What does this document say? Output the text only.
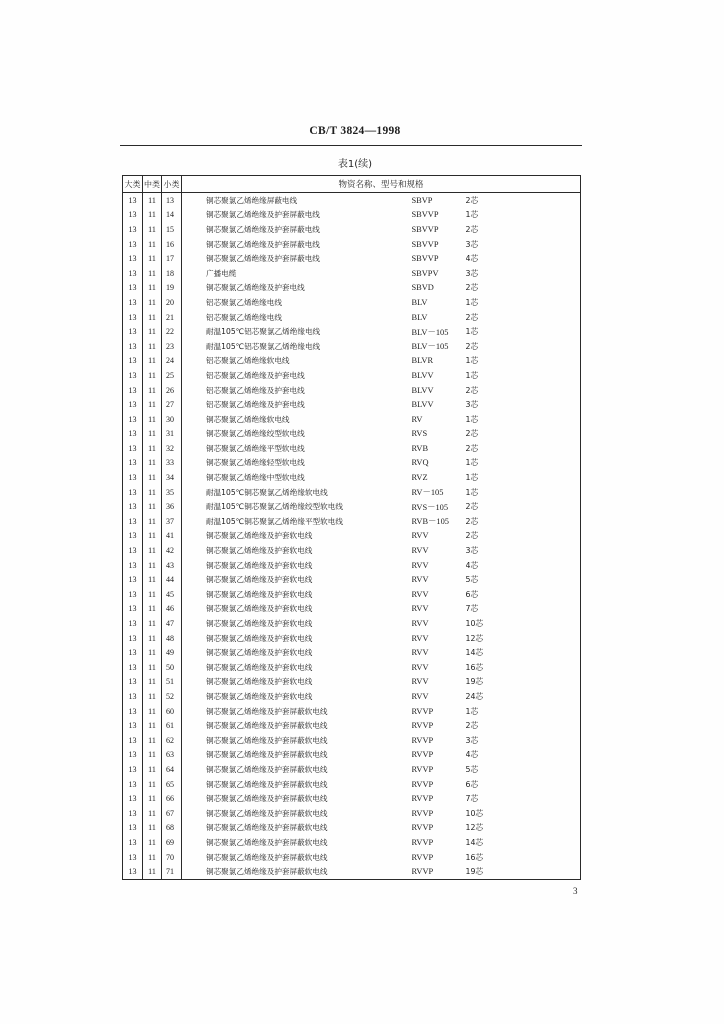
CB/T 3824—1998
表1(续)
大类	中类	小类	物资名称、型号和规格		
13	11	13	铜芯聚氯乙烯绝缘屏蔽电线	SBVP	2芯
13	11	14	铜芯聚氯乙烯绝缘及护套屏蔽电线	SBVVP	1芯
13	11	15	铜芯聚氯乙烯绝缘及护套屏蔽电线	SBVVP	2芯
13	11	16	铜芯聚氯乙烯绝缘及护套屏蔽电线	SBVVP	3芯
13	11	17	铜芯聚氯乙烯绝缘及护套屏蔽电线	SBVVP	4芯
13	11	18	广播电缆	SBVPV	3芯
13	11	19	铜芯聚氯乙烯绝缘及护套电线	SBVD	2芯
13	11	20	铝芯聚氯乙烯绝缘电线	BLV	1芯
13	11	21	铝芯聚氯乙烯绝缘电线	BLV	2芯
13	11	22	耐温105℃铝芯聚氯乙烯绝缘电线	BLV－105	1芯
13	11	23	耐温105℃铝芯聚氯乙烯绝缘电线	BLV－105	2芯
13	11	24	铝芯聚氯乙烯绝缘软电线	BLVR	1芯
13	11	25	铝芯聚氯乙烯绝缘及护套电线	BLVV	1芯
13	11	26	铝芯聚氯乙烯绝缘及护套电线	BLVV	2芯
13	11	27	铝芯聚氯乙烯绝缘及护套电线	BLVV	3芯
13	11	30	铜芯聚氯乙烯绝缘软电线	RV	1芯
13	11	31	铜芯聚氯乙烯绝缘绞型软电线	RVS	2芯
13	11	32	铜芯聚氯乙烯绝缘平型软电线	RVB	2芯
13	11	33	铜芯聚氯乙烯绝缘轻型软电线	RVQ	1芯
13	11	34	铜芯聚氯乙烯绝缘中型软电线	RVZ	1芯
13	11	35	耐温105℃铜芯聚氯乙烯绝缘软电线	RV－105	1芯
13	11	36	耐温105℃铜芯聚氯乙烯绝缘绞型软电线	RVS－105	2芯
13	11	37	耐温105℃铜芯聚氯乙烯绝缘平型软电线	RVB－105	2芯
13	11	41	铜芯聚氯乙烯绝缘及护套软电线	RVV	2芯
13	11	42	铜芯聚氯乙烯绝缘及护套软电线	RVV	3芯
13	11	43	铜芯聚氯乙烯绝缘及护套软电线	RVV	4芯
13	11	44	铜芯聚氯乙烯绝缘及护套软电线	RVV	5芯
13	11	45	铜芯聚氯乙烯绝缘及护套软电线	RVV	6芯
13	11	46	铜芯聚氯乙烯绝缘及护套软电线	RVV	7芯
13	11	47	铜芯聚氯乙烯绝缘及护套软电线	RVV	10芯
13	11	48	铜芯聚氯乙烯绝缘及护套软电线	RVV	12芯
13	11	49	铜芯聚氯乙烯绝缘及护套软电线	RVV	14芯
13	11	50	铜芯聚氯乙烯绝缘及护套软电线	RVV	16芯
13	11	51	铜芯聚氯乙烯绝缘及护套软电线	RVV	19芯
13	11	52	铜芯聚氯乙烯绝缘及护套软电线	RVV	24芯
13	11	60	铜芯聚氯乙烯绝缘及护套屏蔽软电线	RVVP	1芯
13	11	61	铜芯聚氯乙烯绝缘及护套屏蔽软电线	RVVP	2芯
13	11	62	铜芯聚氯乙烯绝缘及护套屏蔽软电线	RVVP	3芯
13	11	63	铜芯聚氯乙烯绝缘及护套屏蔽软电线	RVVP	4芯
13	11	64	铜芯聚氯乙烯绝缘及护套屏蔽软电线	RVVP	5芯
13	11	65	铜芯聚氯乙烯绝缘及护套屏蔽软电线	RVVP	6芯
13	11	66	铜芯聚氯乙烯绝缘及护套屏蔽软电线	RVVP	7芯
13	11	67	铜芯聚氯乙烯绝缘及护套屏蔽软电线	RVVP	10芯
13	11	68	铜芯聚氯乙烯绝缘及护套屏蔽软电线	RVVP	12芯
13	11	69	铜芯聚氯乙烯绝缘及护套屏蔽软电线	RVVP	14芯
13	11	70	铜芯聚氯乙烯绝缘及护套屏蔽软电线	RVVP	16芯
13	11	71	铜芯聚氯乙烯绝缘及护套屏蔽软电线	RVVP	19芯
3
